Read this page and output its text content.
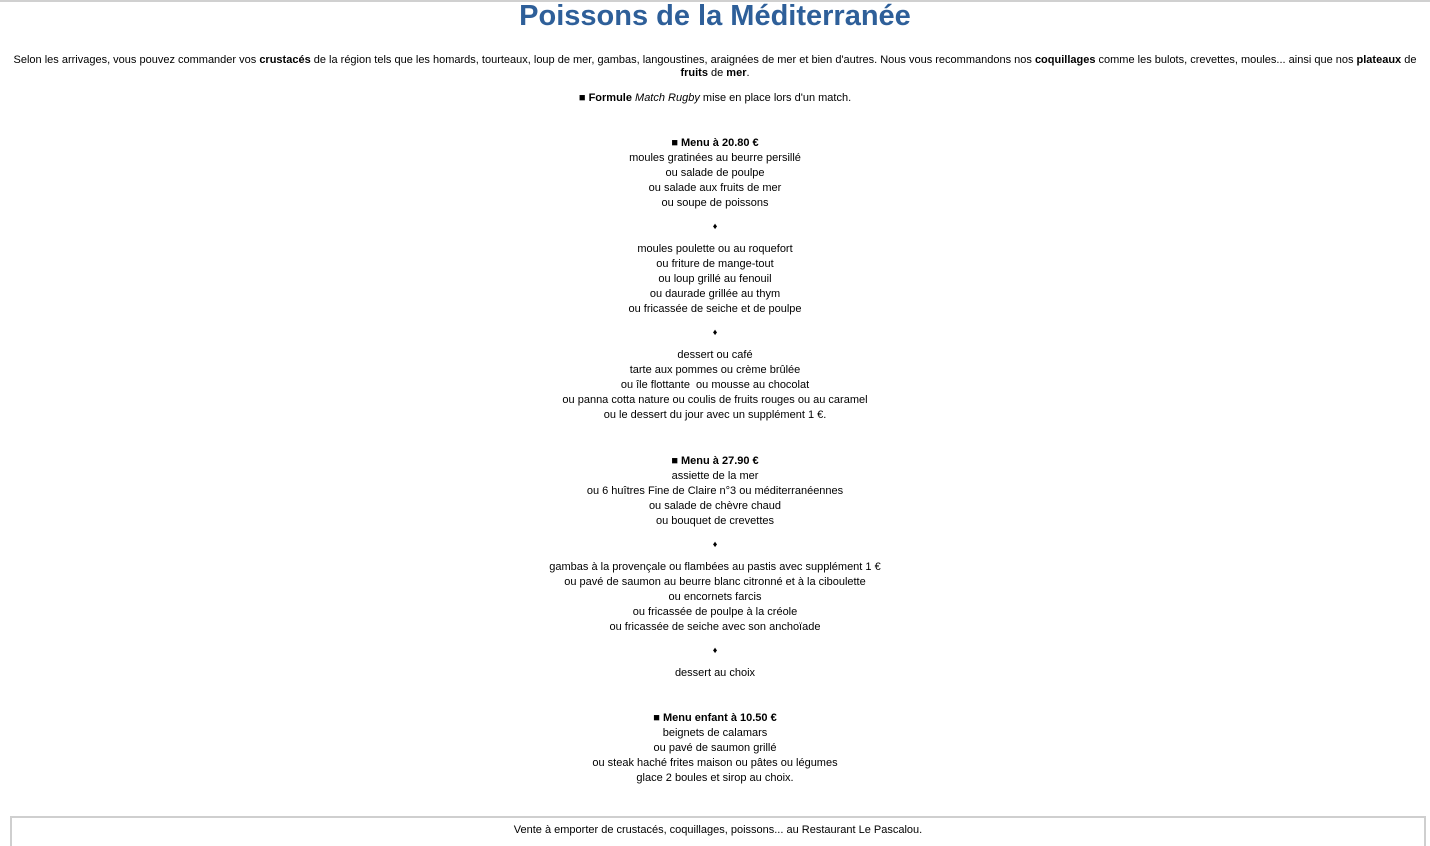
Poissons de la Méditerranée
Selon les arrivages, vous pouvez commander vos crustacés de la région tels que les homards, tourteaux, loup de mer, gambas, langoustines, araignées de mer et bien d'autres. Nous vous recommandons nos coquillages comme les bulots, crevettes, moules... ainsi que nos plateaux de fruits de mer.
■ Formule Match Rugby mise en place lors d'un match.
■ Menu à 20.80 €
moules gratinées au beurre persillé
ou salade de poulpe
ou salade aux fruits de mer
ou soupe de poissons
♦
moules poulette ou au roquefort
ou friture de mange-tout
ou loup grillé au fenouil
ou daurade grillée au thym
ou fricassée de seiche et de poulpe
♦
dessert ou café
tarte aux pommes ou crème brûlée
ou île flottante  ou mousse au chocolat
ou panna cotta nature ou coulis de fruits rouges ou au caramel
ou le dessert du jour avec un supplément 1 €.
■ Menu à 27.90 €
assiette de la mer
ou 6 huîtres Fine de Claire n°3 ou méditerranéennes
ou salade de chèvre chaud
ou bouquet de crevettes
♦
gambas à la provençale ou flambées au pastis avec supplément 1 €
ou pavé de saumon au beurre blanc citronné et à la ciboulette
ou encornets farcis
ou fricassée de poulpe à la créole
ou fricassée de seiche avec son anchoïade
♦
dessert au choix
■ Menu enfant à 10.50 €
beignets de calamars
ou pavé de saumon grillé
ou steak haché frites maison ou pâtes ou légumes
glace 2 boules et sirop au choix.
Vente à emporter de crustacés, coquillages, poissons... au Restaurant Le Pascalou.
